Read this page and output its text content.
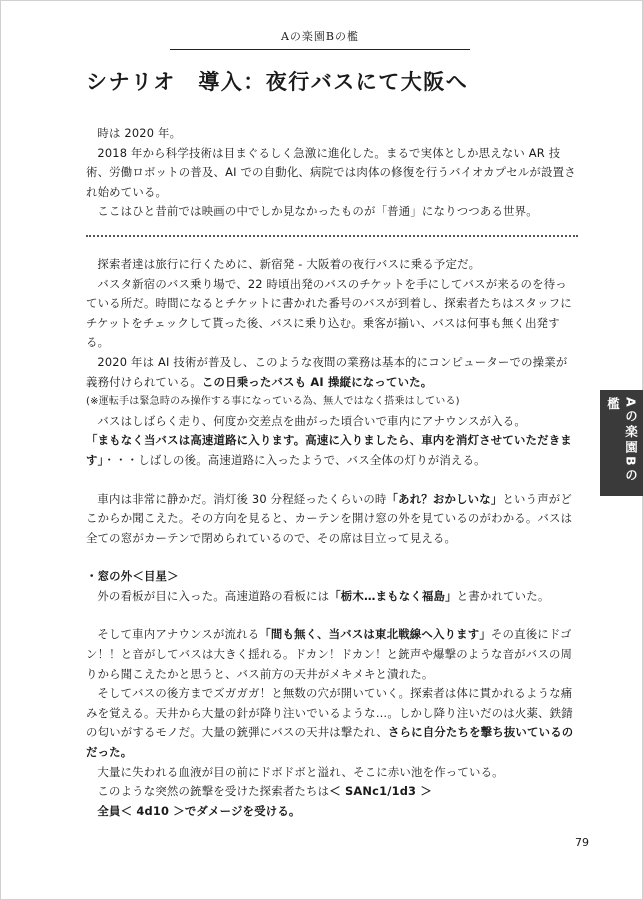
Aの楽園Bの檻
シナリオ　導入：夜行バスにて大阪へ

時は 2020 年。

2018 年から科学技術は目まぐるしく急激に進化した。まるで実体としか思えない AR 技術、労働ロボットの普及、AI での自動化、病院では肉体の修復を行うバイオカプセルが設置され始めている。

ここはひと昔前では映画の中でしか見なかったものが「普通」になりつつある世界。

探索者達は旅行に行くために、新宿発 - 大阪着の夜行バスに乗る予定だ。

バスタ新宿のバス乗り場で、22 時頃出発のバスのチケットを手にしてバスが来るのを待っている所だ。時間になるとチケットに書かれた番号のバスが到着し、探索者たちはスタッフにチケットをチェックして貰った後、バスに乗り込む。乗客が揃い、バスは何事も無く出発する。

2020 年は AI 技術が普及し、このような夜間の業務は基本的にコンピューターでの操業が義務付けられている。この日乗ったバスも AI 操縦になっていた。

(※運転手は緊急時のみ操作する事になっている為、無人ではなく搭乗はしている)

バスはしばらく走り、何度か交差点を曲がった頃合いで車内にアナウンスが入る。

「まもなく当バスは高速道路に入ります。高速に入りましたら、車内を消灯させていただきます」・・・しばしの後。高速道路に入ったようで、バス全体の灯りが消える。

車内は非常に静かだ。消灯後 30 分程経ったくらいの時「あれ？おかしいな」という声がどこからか聞こえた。その方向を見ると、カーテンを開け窓の外を見ているのがわかる。バスは全ての窓がカーテンで閉められているので、その席は目立って見える。

・窓の外＜目星＞

外の看板が目に入った。高速道路の看板には「栃木…まもなく福島」と書かれていた。

そして車内アナウンスが流れる「間も無く、当バスは東北戦線へ入ります」その直後にドゴン！！と音がしてバスは大きく揺れる。ドカン！ドカン！と銃声や爆撃のような音がバスの周りから聞こえたかと思うと、バス前方の天井がメキメキと潰れた。

そしてバスの後方までズガガガ！と無数の穴が開いていく。探索者は体に貫かれるような痛みを覚える。天井から大量の針が降り注いでいるような…。しかし降り注いだのは火薬、鉄錆の匂いがするモノだ。大量の銃弾にバスの天井は撃たれ、さらに自分たちを撃ち抜いているのだった。

大量に失われる血液が目の前にドボドボと溢れ、そこに赤い池を作っている。

このような突然の銃撃を受けた探索者たちは＜ SANc1/1d3 ＞

全員＜ 4d10 ＞でダメージを受ける。

Aの楽園Bの檻
79
